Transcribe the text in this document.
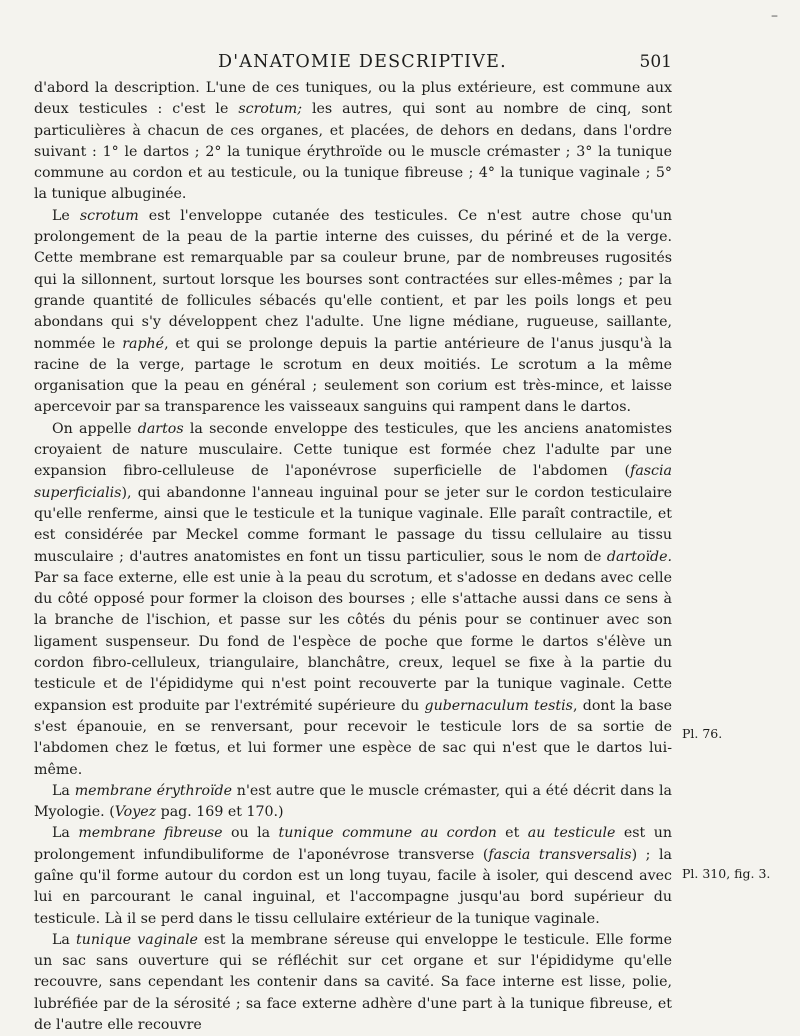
–
D'ANATOMIE DESCRIPTIVE.	501

d'abord la description. L'une de ces tuniques, ou la plus extérieure, est commune aux deux testicules : c'est le scrotum; les autres, qui sont au nombre de cinq, sont particulières à chacun de ces organes, et placées, de dehors en dedans, dans l'ordre suivant : 1° le dartos ; 2° la tunique érythroïde ou le muscle crémaster ; 3° la tunique commune au cordon et au testicule, ou la tunique fibreuse ; 4° la tunique vaginale ; 5° la tunique albuginée.

Le scrotum est l'enveloppe cutanée des testicules. Ce n'est autre chose qu'un prolongement de la peau de la partie interne des cuisses, du périné et de la verge. Cette membrane est remarquable par sa couleur brune, par de nombreuses rugosités qui la sillonnent, surtout lorsque les bourses sont contractées sur elles-mêmes ; par la grande quantité de follicules sébacés qu'elle contient, et par les poils longs et peu abondans qui s'y développent chez l'adulte. Une ligne médiane, rugueuse, saillante, nommée le raphé, et qui se prolonge depuis la partie antérieure de l'anus jusqu'à la racine de la verge, partage le scrotum en deux moitiés. Le scrotum a la même organisation que la peau en général ; seulement son corium est très-mince, et laisse apercevoir par sa transparence les vaisseaux sanguins qui rampent dans le dartos.

On appelle dartos la seconde enveloppe des testicules, que les anciens anatomistes croyaient de nature musculaire. Cette tunique est formée chez l'adulte par une expansion fibro-celluleuse de l'aponévrose superficielle de l'abdomen (fascia superficialis), qui abandonne l'anneau inguinal pour se jeter sur le cordon testiculaire qu'elle renferme, ainsi que le testicule et la tunique vaginale. Elle paraît contractile, et est considérée par Meckel comme formant le passage du tissu cellulaire au tissu musculaire ; d'autres anatomistes en font un tissu particulier, sous le nom de dartoïde. Par sa face externe, elle est unie à la peau du scrotum, et s'adosse en dedans avec celle du côté opposé pour former la cloison des bourses ; elle s'attache aussi dans ce sens à la branche de l'ischion, et passe sur les côtés du pénis pour se continuer avec son ligament suspenseur. Du fond de l'espèce de poche que forme le dartos s'élève un cordon fibro-celluleux, triangulaire, blanchâtre, creux, lequel se fixe à la partie du testicule et de l'épididyme qui n'est point recouverte par la tunique vaginale. Cette expansion est produite par l'extrémité supérieure du gubernaculum testis, dont la base s'est épanouie, en se renversant, pour recevoir le testicule lors de sa sortie de l'abdomen chez le fœtus, et lui former une espèce de sac qui n'est que le dartos lui-même.

La membrane érythroïde n'est autre que le muscle crémaster, qui a été décrit dans la Myologie. (Voyez pag. 169 et 170.)

La membrane fibreuse ou la tunique commune au cordon et au testicule est un prolongement infundibuliforme de l'aponévrose transverse (fascia transversalis) ; la gaîne qu'il forme autour du cordon est un long tuyau, facile à isoler, qui descend avec lui en parcourant le canal inguinal, et l'accompagne jusqu'au bord supérieur du testicule. Là il se perd dans le tissu cellulaire extérieur de la tunique vaginale.

La tunique vaginale est la membrane séreuse qui enveloppe le testicule. Elle forme un sac sans ouverture qui se réfléchit sur cet organe et sur l'épididyme qu'elle recouvre, sans cependant les contenir dans sa cavité. Sa face interne est lisse, polie, lubréfiée par de la sérosité ; sa face externe adhère d'une part à la tunique fibreuse, et de l'autre elle recouvre

Pl. 76.
Pl. 310, fig. 3.
